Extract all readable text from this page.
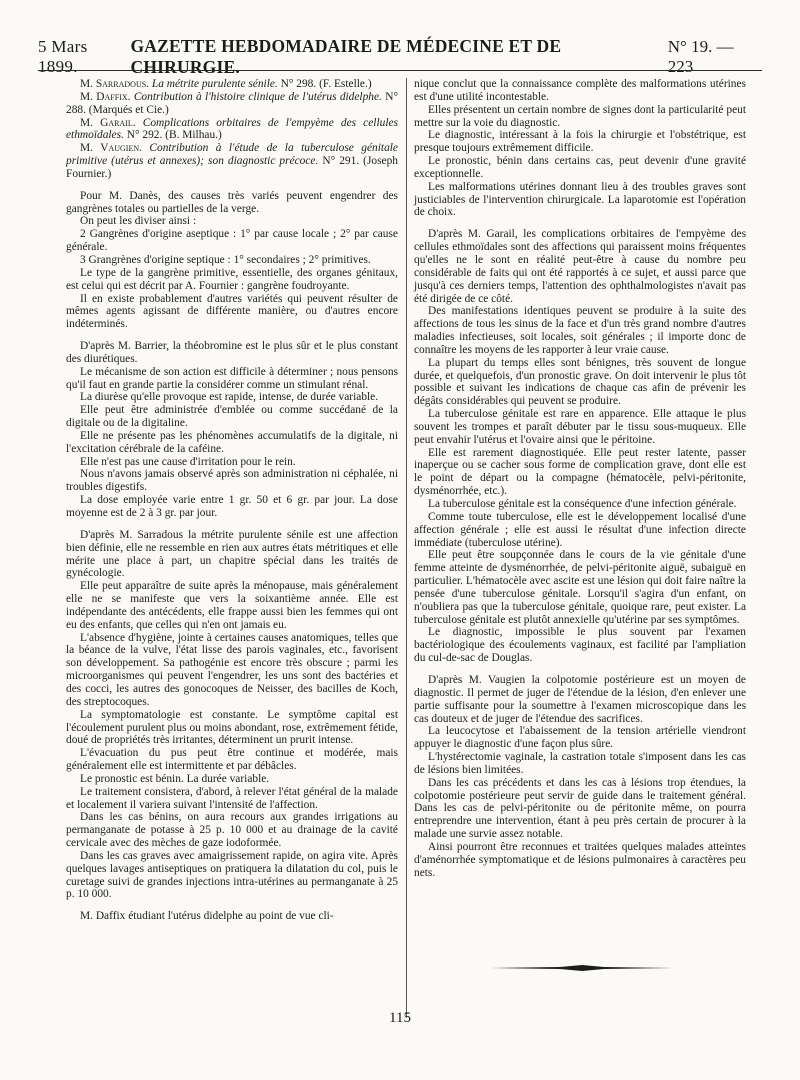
5 Mars 1899.
GAZETTE HEBDOMADAIRE DE MÉDECINE ET DE CHIRURGIE.
N° 19. — 223

M. Sarradous. La métrite purulente sénile. N° 298. (F. Estelle.)

M. Daffix. Contribution à l'histoire clinique de l'utérus didelphe. N° 288. (Marqués et Cie.)

M. Garail. Complications orbitaires de l'empyème des cellules ethmoïdales. N° 292. (B. Milhau.)

M. Vaugien. Contribution à l'étude de la tuberculose génitale primitive (utérus et annexes); son diagnostic précoce. N° 291. (Joseph Fournier.)

Pour M. Danès, des causes très variés peuvent engendrer des gangrènes totales ou partielles de la verge.

On peut les diviser ainsi :

2 Gangrènes d'origine aseptique : 1° par cause locale ; 2° par cause générale.

3 Grangrènes d'origine septique : 1° secondaires ; 2° primitives.

Le type de la gangrène primitive, essentielle, des organes génitaux, est celui qui est décrit par A. Fournier : gangrène foudroyante.

Il en existe probablement d'autres variétés qui peuvent résulter de mêmes agents agissant de différente manière, ou d'autres encore indéterminés.

D'après M. Barrier, la théobromine est le plus sûr et le plus constant des diurétiques.

Le mécanisme de son action est difficile à déterminer ; nous pensons qu'il faut en grande partie la considérer comme un stimulant rénal.

La diurèse qu'elle provoque est rapide, intense, de durée variable.

Elle peut être administrée d'emblée ou comme succédané de la digitale ou de la digitaline.

Elle ne présente pas les phénomènes accumulatifs de la digitale, ni l'excitation cérébrale de la caféine.

Elle n'est pas une cause d'irritation pour le rein.

Nous n'avons jamais observé après son administration ni céphalée, ni troubles digestifs.

La dose employée varie entre 1 gr. 50 et 6 gr. par jour. La dose moyenne est de 2 à 3 gr. par jour.

D'après M. Sarradous la métrite purulente sénile est une affection bien définie, elle ne ressemble en rien aux autres états métritiques et elle mérite une place à part, un chapitre spécial dans les traités de gynécologie.

Elle peut apparaître de suite après la ménopause, mais généralement elle ne se manifeste que vers la soixantième année. Elle est indépendante des antécédents, elle frappe aussi bien les femmes qui ont eu des enfants, que celles qui n'en ont jamais eu.

L'absence d'hygiène, jointe à certaines causes anatomiques, telles que la béance de la vulve, l'état lisse des parois vaginales, etc., favorisent son développement. Sa pathogénie est encore très obscure ; parmi les microorganismes qui peuvent l'engendrer, les uns sont des bactéries et des cocci, les autres des gonocoques de Neisser, des bacilles de Koch, des streptocoques.

La symptomatologie est constante. Le symptôme capital est l'écoulement purulent plus ou moins abondant, rose, extrêmement fétide, doué de propriétés très irritantes, déterminent un prurit intense.

L'évacuation du pus peut être continue et modérée, mais généralement elle est intermittente et par débâcles.

Le pronostic est bénin. La durée variable.

Le traitement consistera, d'abord, à relever l'état général de la malade et localement il variera suivant l'intensité de l'affection.

Dans les cas bénins, on aura recours aux grandes irrigations au permanganate de potasse à 25 p. 10 000 et au drainage de la cavité cervicale avec des mèches de gaze iodoformée.

Dans les cas graves avec amaigrissement rapide, on agira vite. Après quelques lavages antiseptiques on pratiquera la dilatation du col, puis le curetage suivi de grandes injections intra-utérines au permanganate à 25 p. 10 000.

M. Daffix étudiant l'utérus didelphe au point de vue cli-

nique conclut que la connaissance complète des malformations utérines est d'une utilité incontestable.

Elles présentent un certain nombre de signes dont la particularité peut mettre sur la voie du diagnostic.

Le diagnostic, intéressant à la fois la chirurgie et l'obstétrique, est presque toujours extrêmement difficile.

Le pronostic, bénin dans certains cas, peut devenir d'une gravité exceptionnelle.

Les malformations utérines donnant lieu à des troubles graves sont justiciables de l'intervention chirurgicale. La laparotomie est l'opération de choix.

D'après M. Garail, les complications orbitaires de l'empyème des cellules ethmoïdales sont des affections qui paraissent moins fréquentes qu'elles ne le sont en réalité peut-être à cause du nombre peu considérable de faits qui ont été rapportés à ce sujet, et aussi parce que jusqu'à ces derniers temps, l'attention des ophthalmologistes n'avait pas été dirigée de ce côté.

Des manifestations identiques peuvent se produire à la suite des affections de tous les sinus de la face et d'un très grand nombre d'autres maladies infectieuses, soit locales, soit générales ; il importe donc de connaître les moyens de les rapporter à leur vraie cause.

La plupart du temps elles sont bénignes, très souvent de longue durée, et quelquefois, d'un pronostic grave. On doit intervenir le plus tôt possible et suivant les indications de chaque cas afin de prévenir les dégâts considérables qui peuvent se produire.

La tuberculose génitale est rare en apparence. Elle attaque le plus souvent les trompes et paraît débuter par le tissu sous-muqueux. Elle peut envahir l'utérus et l'ovaire ainsi que le péritoine.

Elle est rarement diagnostiquée. Elle peut rester latente, passer inaperçue ou se cacher sous forme de complication grave, dont elle est le point de départ ou la compagne (hématocèle, pelvi-péritonite, dysménorrhée, etc.).

La tuberculose génitale est la conséquence d'une infection générale.

Comme toute tuberculose, elle est le développement localisé d'une affection générale ; elle est aussi le résultat d'une infection directe immédiate (tuberculose utérine).

Elle peut être soupçonnée dans le cours de la vie génitale d'une femme atteinte de dysménorrhée, de pelvi-péritonite aiguë, subaiguë en particulier. L'hématocèle avec ascite est une lésion qui doit faire naître la pensée d'une tuberculose génitale. Lorsqu'il s'agira d'un enfant, on n'oubliera pas que la tuberculose génitale, quoique rare, peut exister. La tuberculose génitale est plutôt annexielle qu'utérine par ses symptômes.

Le diagnostic, impossible le plus souvent par l'examen bactériologique des écoulements vaginaux, est facilité par l'ampliation du cul-de-sac de Douglas.

D'après M. Vaugien la colpotomie postérieure est un moyen de diagnostic. Il permet de juger de l'étendue de la lésion, d'en enlever une partie suffisante pour la soumettre à l'examen microscopique dans les cas douteux et de juger de l'étendue des sacrifices.

La leucocytose et l'abaissement de la tension artérielle viendront appuyer le diagnostic d'une façon plus sûre.

L'hystérectomie vaginale, la castration totale s'imposent dans les cas de lésions bien limitées.

Dans les cas précédents et dans les cas à lésions trop étendues, la colpotomie postérieure peut servir de guide dans le traitement général. Dans les cas de pelvi-péritonite ou de péritonite même, on pourra entreprendre une intervention, étant à peu près certain de procurer à la malade une survie assez notable.

Ainsi pourront être reconnues et traitées quelques malades atteintes d'aménorrhée symptomatique et de lésions pulmonaires à caractères peu nets.

115
